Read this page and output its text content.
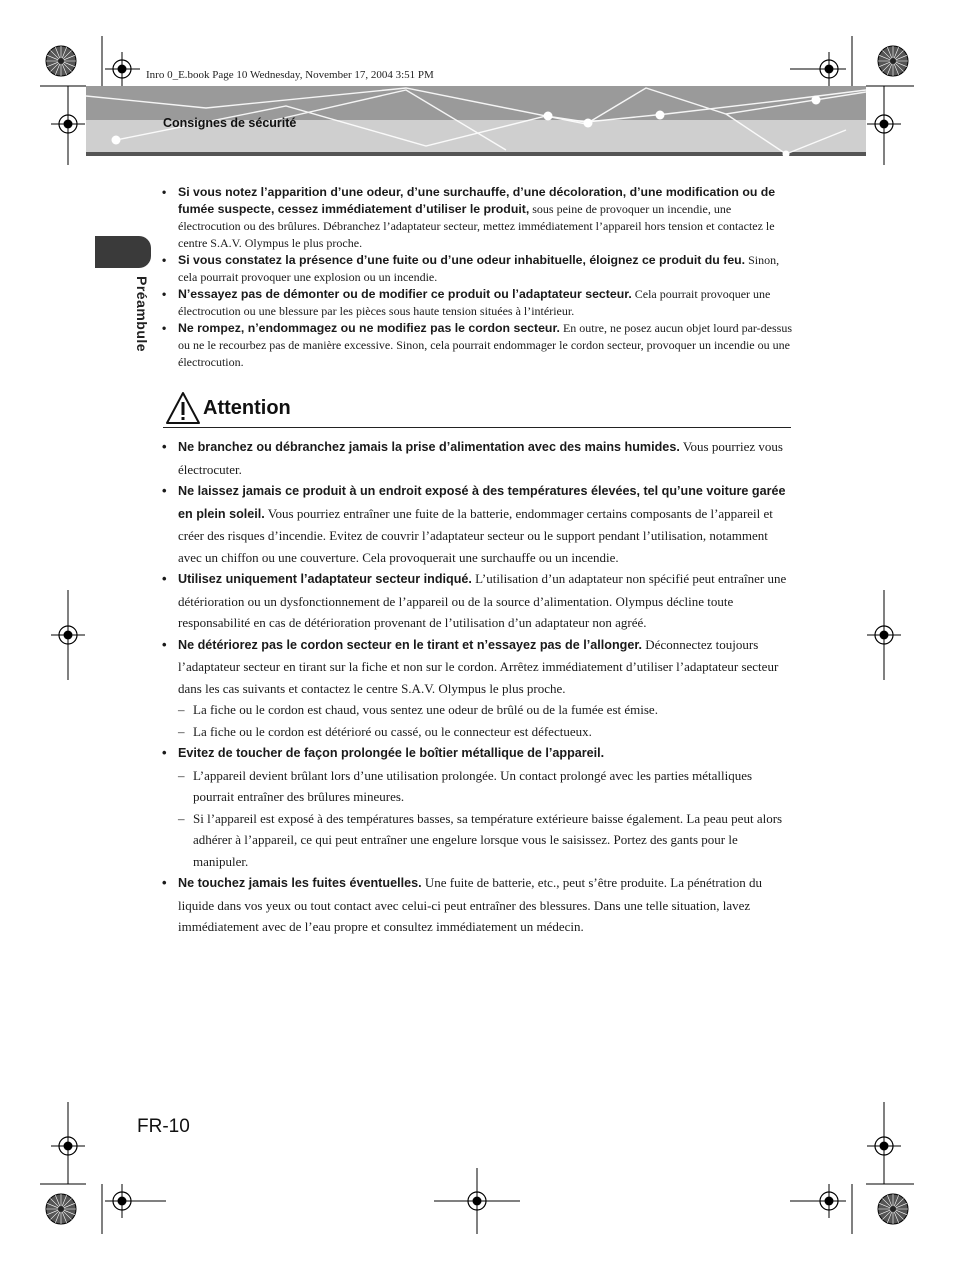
Inro 0_E.book Page 10 Wednesday, November 17, 2004 3:51 PM
Consignes de sécurité
Préambule
• Si vous notez l’apparition d’une odeur, d’une surchauffe, d’une décoloration, d’une modification ou de fumée suspecte, cessez immédiatement d’utiliser le produit, sous peine de provoquer un incendie, une électrocution ou des brûlures. Débranchez l’adaptateur secteur, mettez immédiatement l’appareil hors tension et contactez le centre S.A.V. Olympus le plus proche.
• Si vous constatez la présence d’une fuite ou d’une odeur inhabituelle, éloignez ce produit du feu. Sinon, cela pourrait provoquer une explosion ou un incendie.
• N’essayez pas de démonter ou de modifier ce produit ou l’adaptateur secteur. Cela pourrait provoquer une électrocution ou une blessure par les pièces sous haute tension situées à l’intérieur.
• Ne rompez, n’endommagez ou ne modifiez pas le cordon secteur. En outre, ne posez aucun objet lourd par-dessus ou ne le recourbez pas de manière excessive. Sinon, cela pourrait endommager le cordon secteur, provoquer un incendie ou une électrocution.
Attention
• Ne branchez ou débranchez jamais la prise d’alimentation avec des mains humides. Vous pourriez vous électrocuter.
• Ne laissez jamais ce produit à un endroit exposé à des températures élevées, tel qu’une voiture garée en plein soleil. Vous pourriez entraîner une fuite de la batterie, endommager certains composants de l’appareil et créer des risques d’incendie. Evitez de couvrir l’adaptateur secteur ou le support pendant l’utilisation, notamment avec un chiffon ou une couverture. Cela provoquerait une surchauffe ou un incendie.
• Utilisez uniquement l’adaptateur secteur indiqué. L’utilisation d’un adaptateur non spécifié peut entraîner une détérioration ou un dysfonctionnement de l’appareil ou de la source d’alimentation. Olympus décline toute responsabilité en cas de détérioration provenant de l’utilisation d’un adaptateur non agréé.
• Ne détériorez pas le cordon secteur en le tirant et n’essayez pas de l’allonger. Déconnectez toujours l’adaptateur secteur en tirant sur la fiche et non sur le cordon. Arrêtez immédiatement d’utiliser l’adaptateur secteur dans les cas suivants et contactez le centre S.A.V. Olympus le plus proche.
– La fiche ou le cordon est chaud, vous sentez une odeur de brûlé ou de la fumée est émise.
– La fiche ou le cordon est détérioré ou cassé, ou le connecteur est défectueux.
• Evitez de toucher de façon prolongée le boîtier métallique de l’appareil.
– L’appareil devient brûlant lors d’une utilisation prolongée. Un contact prolongé avec les parties métalliques pourrait entraîner des brûlures mineures.
– Si l’appareil est exposé à des températures basses, sa température extérieure baisse également. La peau peut alors adhérer à l’appareil, ce qui peut entraîner une engelure lorsque vous le saisissez. Portez des gants pour le manipuler.
• Ne touchez jamais les fuites éventuelles. Une fuite de batterie, etc., peut s’être produite. La pénétration du liquide dans vos yeux ou tout contact avec celui-ci peut entraîner des blessures. Dans une telle situation, lavez immédiatement avec de l’eau propre et consultez immédiatement un médecin.
FR-10
